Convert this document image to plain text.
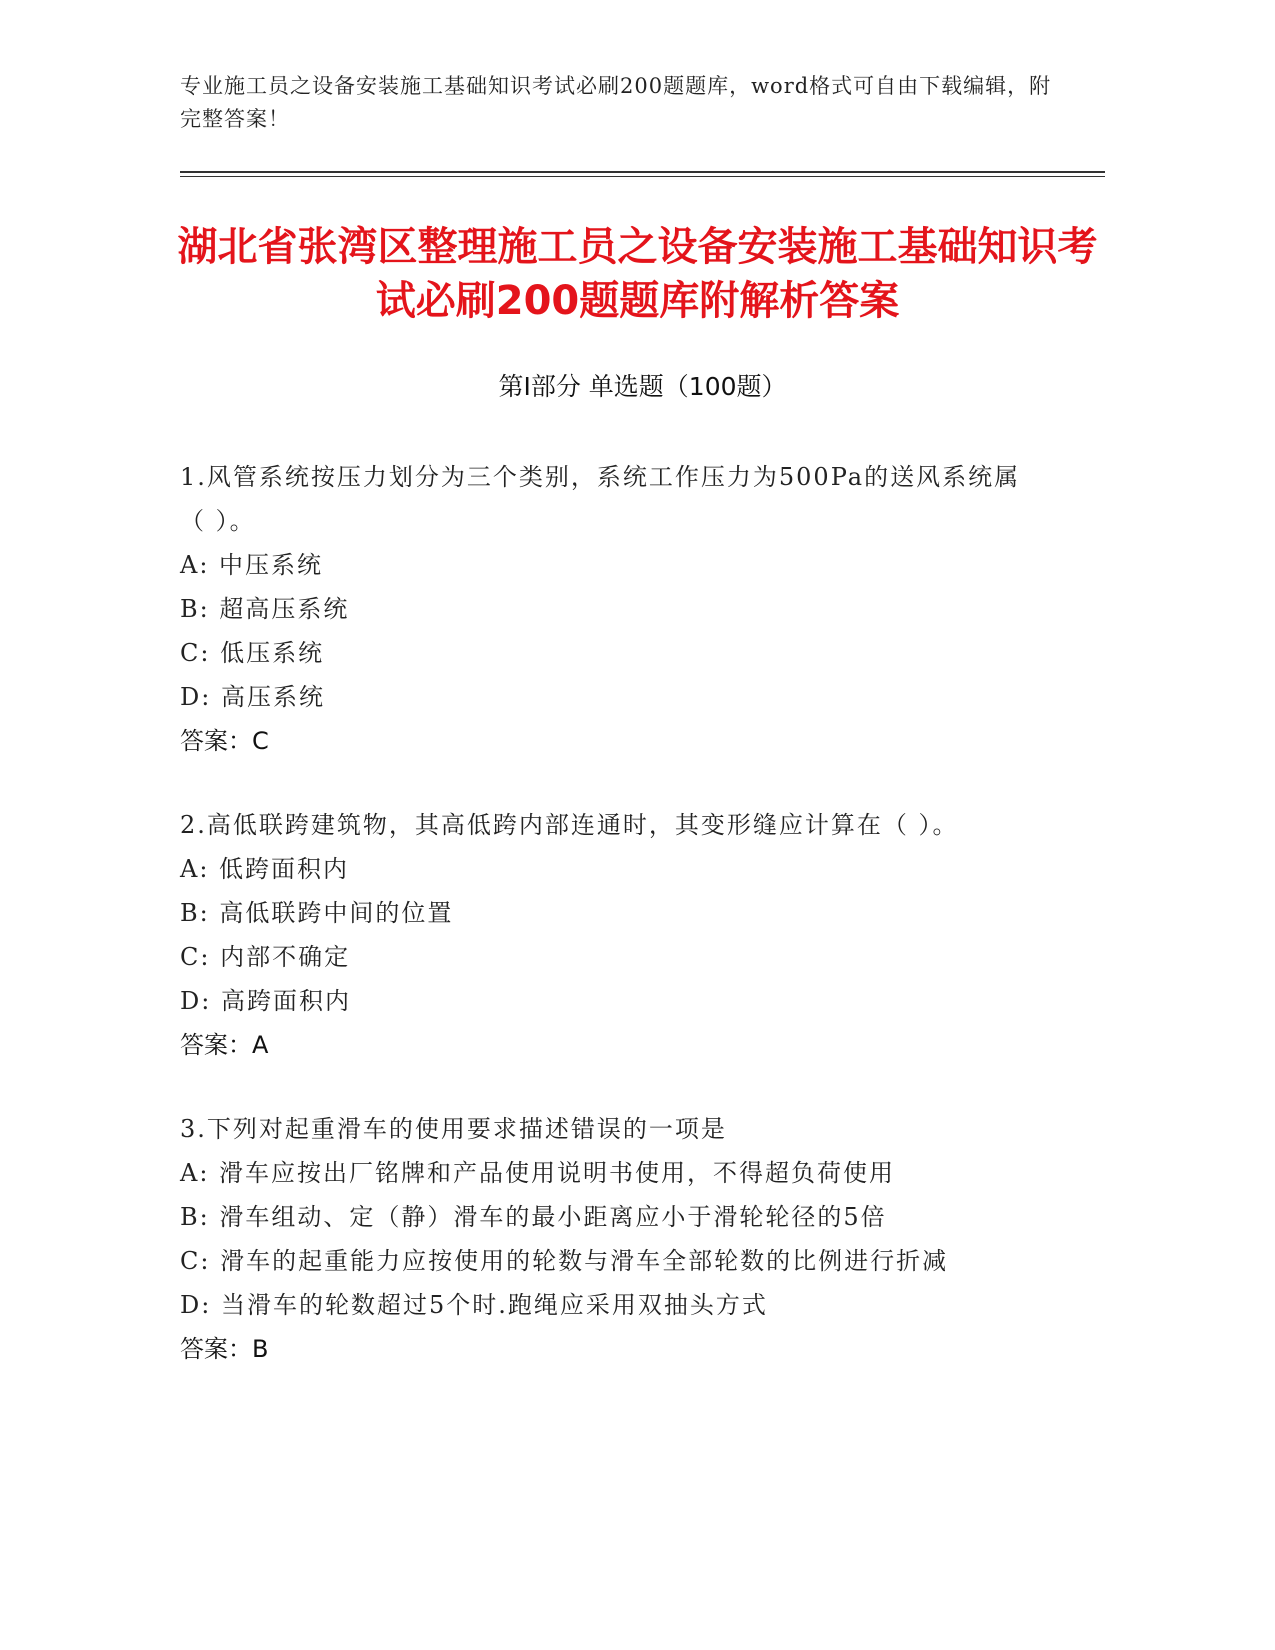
专业施工员之设备安装施工基础知识考试必刷200题题库，word格式可自由下载编辑，附完整答案！
湖北省张湾区整理施工员之设备安装施工基础知识考试必刷200题题库附解析答案
第Ⅰ部分 单选题（100题）
1.风管系统按压力划分为三个类别，系统工作压力为500Pa的送风系统属（ ）。
A: 中压系统
B: 超高压系统
C: 低压系统
D: 高压系统
答案：C
2.高低联跨建筑物，其高低跨内部连通时，其变形缝应计算在（ ）。
A: 低跨面积内
B: 高低联跨中间的位置
C: 内部不确定
D: 高跨面积内
答案：A
3.下列对起重滑车的使用要求描述错误的一项是
A: 滑车应按出厂铭牌和产品使用说明书使用，不得超负荷使用
B: 滑车组动、定（静）滑车的最小距离应小于滑轮轮径的5倍
C: 滑车的起重能力应按使用的轮数与滑车全部轮数的比例进行折减
D: 当滑车的轮数超过5个时.跑绳应采用双抽头方式
答案：B
